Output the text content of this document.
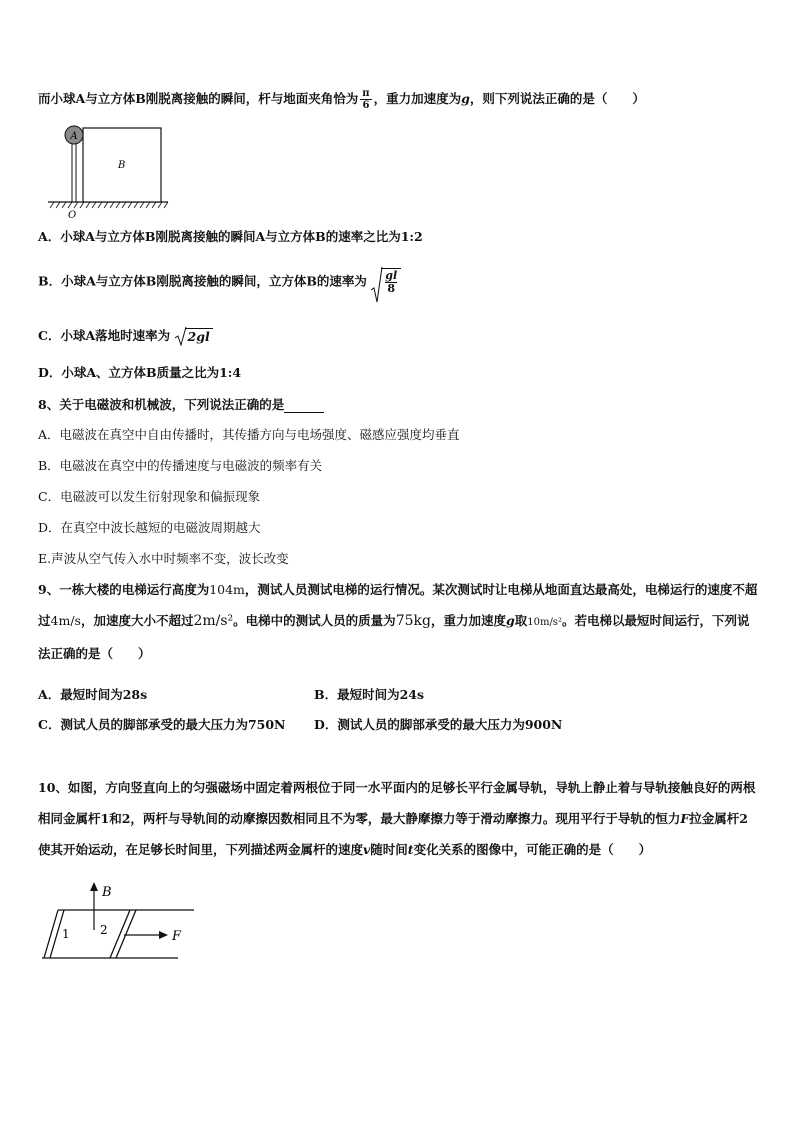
而小球A与立方体B刚脱离接触的瞬间，杆与地面夹角恰为 $\frac{\pi}{6}$ ，重力加速度为g，则下列说法正确的是（　　）
A
B
O
A．小球A与立方体B刚脱离接触的瞬间A与立方体B的速率之比为1:2
B．小球A与立方体B刚脱离接触的瞬间，立方体B的速率为 $\frac{gl}{8}$
C．小球A落地时速率为 2gl
D．小球A、立方体B质量之比为1:4
8、关于电磁波和机械波，下列说法正确的是
A．电磁波在真空中自由传播时，其传播方向与电场强度、磁感应强度均垂直
B．电磁波在真空中的传播速度与电磁波的频率有关
C．电磁波可以发生衍射现象和偏振现象
D．在真空中波长越短的电磁波周期越大
E.声波从空气传入水中时频率不变，波长改变
9、一栋大楼的电梯运行高度为104m，测试人员测试电梯的运行情况。某次测试时让电梯从地面直达最高处，电梯运行的速度不超过4m/s，加速度大小不超过2m/s²。电梯中的测试人员的质量为75kg，重力加速度g取10m/s²。若电梯以最短时间运行，下列说法正确的是（　　）
A．最短时间为28s	B．最短时间为24s
C．测试人员的脚部承受的最大压力为750N D．测试人员的脚部承受的最大压力为900N
10、如图，方向竖直向上的匀强磁场中固定着两根位于同一水平面内的足够长平行金属导轨，导轨上静止着与导轨接触良好的两根相同金属杆1和2，两杆与导轨间的动摩擦因数相同且不为零，最大静摩擦力等于滑动摩擦力。现用平行于导轨的恒力F拉金属杆2使其开始运动，在足够长时间里，下列描述两金属杆的速度v随时间t变化关系的图像中，可能正确的是（　　）
B
1	2	F
